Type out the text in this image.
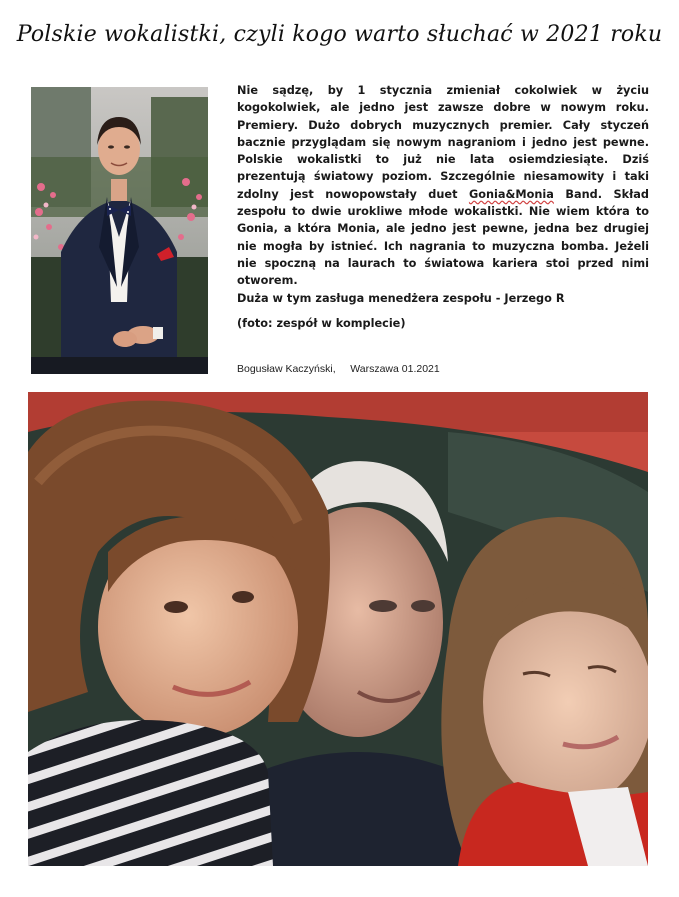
Polskie wokalistki, czyli kogo warto słuchać w 2021 roku

Nie sądzę, by 1 stycznia zmieniał cokolwiek w życiu kogokolwiek, ale jedno jest zawsze dobre w nowym roku. Premiery. Dużo dobrych muzycznych premier. Cały styczeń bacznie przyglądam się nowym nagraniom i jedno jest pewne. Polskie wokalistki to już nie lata osiemdziesiąte. Dziś prezentują światowy poziom. Szczególnie niesamowity i taki zdolny jest nowopowstały duet Gonia&Monia Band. Skład zespołu to dwie urokliwe młode wokalistki. Nie wiem która to Gonia, a która Monia, ale jedno jest pewne, jedna bez drugiej nie mogła by istnieć. Ich nagrania to muzyczna bomba. Jeżeli nie spoczną na laurach to światowa kariera stoi przed nimi otworem.

Duża w tym zasługa menedżera zespołu - Jerzego R

(foto: zespół w komplecie)

Bogusław Kaczyński, Warszawa 01.2021
